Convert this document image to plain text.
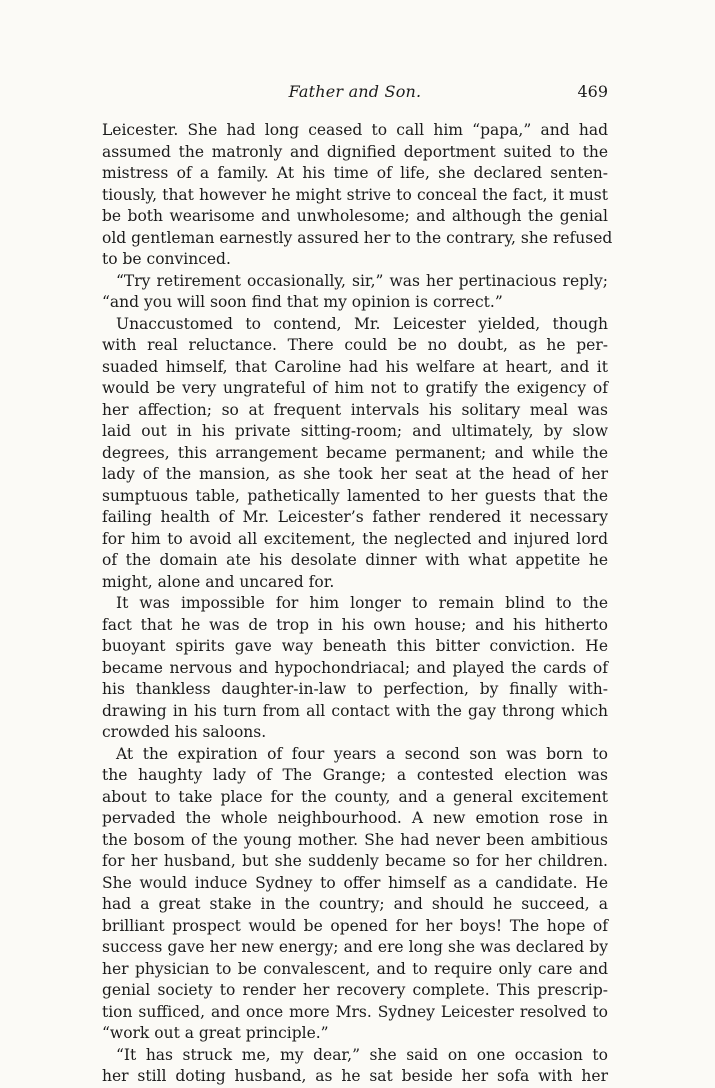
Father and Son.	469
Leicester. She had long ceased to call him “papa,” and had
assumed the matronly and dignified deportment suited to the
mistress of a family. At his time of life, she declared senten-
tiously, that however he might strive to conceal the fact, it must
be both wearisome and unwholesome; and although the genial
old gentleman earnestly assured her to the contrary, she refused
to be convinced.
“Try retirement occasionally, sir,” was her pertinacious reply;
“and you will soon find that my opinion is correct.”
Unaccustomed to contend, Mr. Leicester yielded, though
with real reluctance. There could be no doubt, as he per-
suaded himself, that Caroline had his welfare at heart, and it
would be very ungrateful of him not to gratify the exigency of
her affection; so at frequent intervals his solitary meal was
laid out in his private sitting-room; and ultimately, by slow
degrees, this arrangement became permanent; and while the
lady of the mansion, as she took her seat at the head of her
sumptuous table, pathetically lamented to her guests that the
failing health of Mr. Leicester’s father rendered it necessary
for him to avoid all excitement, the neglected and injured lord
of the domain ate his desolate dinner with what appetite he
might, alone and uncared for.
It was impossible for him longer to remain blind to the
fact that he was de trop in his own house; and his hitherto
buoyant spirits gave way beneath this bitter conviction. He
became nervous and hypochondriacal; and played the cards of
his thankless daughter-in-law to perfection, by finally with-
drawing in his turn from all contact with the gay throng which
crowded his saloons.
At the expiration of four years a second son was born to
the haughty lady of The Grange; a contested election was
about to take place for the county, and a general excitement
pervaded the whole neighbourhood. A new emotion rose in
the bosom of the young mother. She had never been ambitious
for her husband, but she suddenly became so for her children.
She would induce Sydney to offer himself as a candidate. He
had a great stake in the country; and should he succeed, a
brilliant prospect would be opened for her boys! The hope of
success gave her new energy; and ere long she was declared by
her physician to be convalescent, and to require only care and
genial society to render her recovery complete. This prescrip-
tion sufficed, and once more Mrs. Sydney Leicester resolved to
“work out a great principle.”
“It has struck me, my dear,” she said on one occasion to
her still doting husband, as he sat beside her sofa with her
